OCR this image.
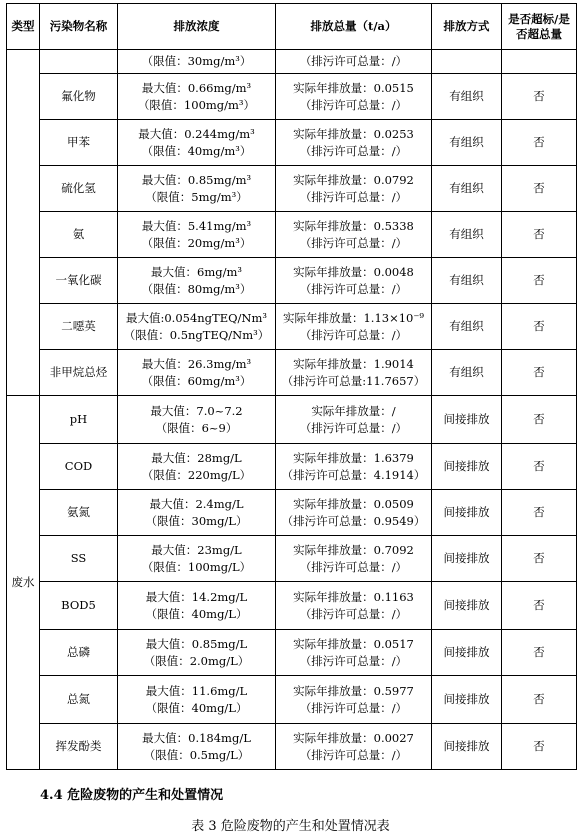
类型	污染物名称	排放浓度	排放总量（t/a）	排放方式	是否超标/是
否超总量

		（限值：30mg/m³）	（排污许可总量：/）		
	氟化物	最大值：0.66mg/m³
（限值：100mg/m³）	实际年排放量：0.0515
（排污许可总量：/）	有组织	否
	甲苯	最大值：0.244mg/m³
（限值：40mg/m³）	实际年排放量：0.0253
（排污许可总量：/）	有组织	否
	硫化氢	最大值：0.85mg/m³
（限值：5mg/m³）	实际年排放量：0.0792
（排污许可总量：/）	有组织	否
	氨	最大值：5.41mg/m³
（限值：20mg/m³）	实际年排放量：0.5338
（排污许可总量：/）	有组织	否
	一氧化碳	最大值：6mg/m³
（限值：80mg/m³）	实际年排放量：0.0048
（排污许可总量：/）	有组织	否
	二噁英	最大值:0.054ngTEQ/Nm³
（限值：0.5ngTEQ/Nm³）	实际年排放量：1.13×10⁻⁹
（排污许可总量：/）	有组织	否
	非甲烷总烃	最大值：26.3mg/m³
（限值：60mg/m³）	实际年排放量：1.9014
（排污许可总量:11.7657）	有组织	否
废水	pH	最大值：7.0~7.2
（限值：6~9）	实际年排放量：/
（排污许可总量：/）	间接排放	否
	COD	最大值：28mg/L
（限值：220mg/L）	实际年排放量：1.6379
（排污许可总量：4.1914）	间接排放	否
	氨氮	最大值：2.4mg/L
（限值：30mg/L）	实际年排放量：0.0509
（排污许可总量：0.9549）	间接排放	否
	SS	最大值：23mg/L
（限值：100mg/L）	实际年排放量：0.7092
（排污许可总量：/）	间接排放	否
	BOD5	最大值：14.2mg/L
（限值：40mg/L）	实际年排放量：0.1163
（排污许可总量：/）	间接排放	否
	总磷	最大值：0.85mg/L
（限值：2.0mg/L）	实际年排放量：0.0517
（排污许可总量：/）	间接排放	否
	总氮	最大值：11.6mg/L
（限值：40mg/L）	实际年排放量：0.5977
（排污许可总量：/）	间接排放	否
	挥发酚类	最大值：0.184mg/L
（限值：0.5mg/L）	实际年排放量：0.0027
（排污许可总量：/）	间接排放	否
4.4 危险废物的产生和处置情况
表 3 危险废物的产生和处置情况表
